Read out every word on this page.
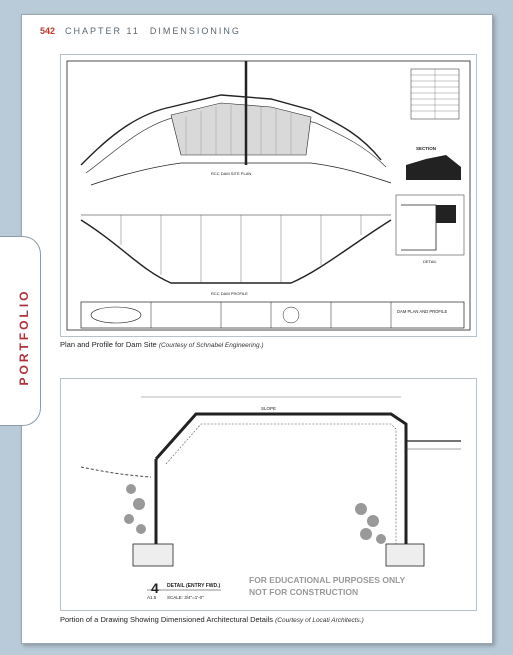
542 CHAPTER 11 DIMENSIONING
PORTFOLIO
RCC DAM SITE PLAN
SECTION
RCC DAM PROFILE
DETAIL
DAM PLAN AND PROFILE
Plan and Profile for Dam Site (Courtesy of Schnabel Engineering.)
SLOPE
4 DETAIL (ENTRY FWD.)
A1.5 SCALE: 3/4"=1'-0"
FOR EDUCATIONAL PURPOSES ONLY
NOT FOR CONSTRUCTION
Portion of a Drawing Showing Dimensioned Architectural Details (Courtesy of Locati Architects.)
